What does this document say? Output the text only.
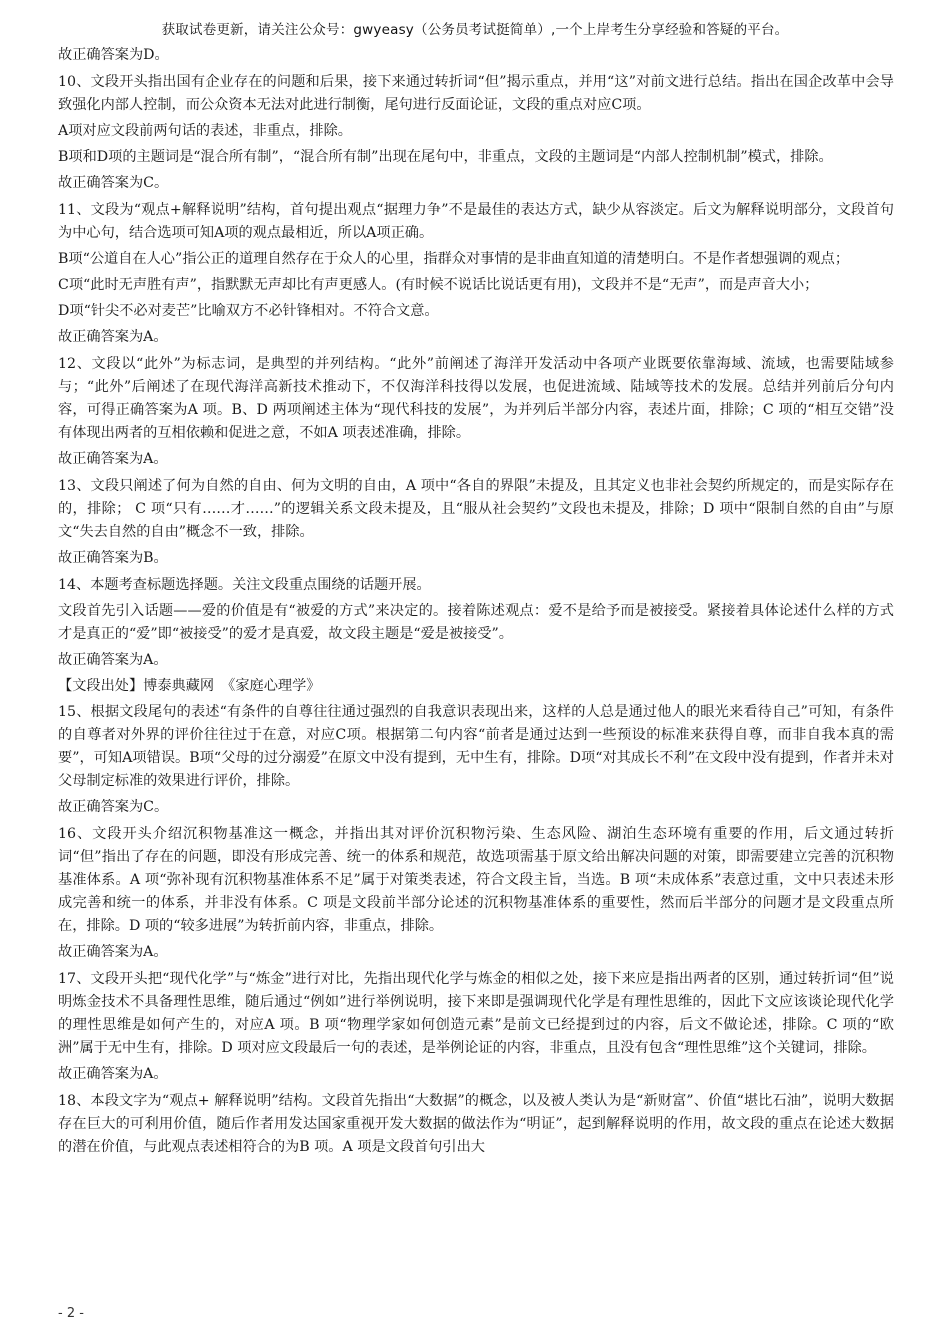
获取试卷更新，请关注公众号：gwyeasy（公务员考试挺简单）,一个上岸考生分享经验和答疑的平台。

故正确答案为D。

10、文段开头指出国有企业存在的问题和后果，接下来通过转折词“但”揭示重点，并用“这”对前文进行总结。指出在国企改革中会导致强化内部人控制，而公众资本无法对此进行制衡，尾句进行反面论证，文段的重点对应C项。

A项对应文段前两句话的表述，非重点，排除。

B项和D项的主题词是“混合所有制”，“混合所有制”出现在尾句中，非重点，文段的主题词是“内部人控制机制”模式，排除。

故正确答案为C。

11、文段为“观点+解释说明”结构，首句提出观点“据理力争”不是最佳的表达方式，缺少从容淡定。后文为解释说明部分，文段首句为中心句，结合选项可知A项的观点最相近，所以A项正确。

B项“公道自在人心”指公正的道理自然存在于众人的心里，指群众对事情的是非曲直知道的清楚明白。不是作者想强调的观点；

C项“此时无声胜有声”，指默默无声却比有声更感人。(有时候不说话比说话更有用)，文段并不是“无声”，而是声音大小；

D项“针尖不必对麦芒”比喻双方不必针锋相对。不符合文意。

故正确答案为A。

12、文段以“此外”为标志词，是典型的并列结构。“此外”前阐述了海洋开发活动中各项产业既要依靠海域、流域，也需要陆域参与；“此外”后阐述了在现代海洋高新技术推动下，不仅海洋科技得以发展，也促进流域、陆域等技术的发展。总结并列前后分句内容，可得正确答案为A 项。B、D 两项阐述主体为“现代科技的发展”，为并列后半部分内容，表述片面，排除；C 项的“相互交错”没有体现出两者的互相依赖和促进之意，不如A 项表述准确，排除。

故正确答案为A。

13、文段只阐述了何为自然的自由、何为文明的自由，A 项中“各自的界限”未提及，且其定义也非社会契约所规定的，而是实际存在的，排除； C 项“只有……才……”的逻辑关系文段未提及，且“服从社会契约”文段也未提及，排除；D 项中“限制自然的自由”与原文“失去自然的自由”概念不一致，排除。

故正确答案为B。

14、本题考查标题选择题。关注文段重点围绕的话题开展。

文段首先引入话题——爱的价值是有“被爱的方式”来决定的。接着陈述观点：爱不是给予而是被接受。紧接着具体论述什么样的方式才是真正的“爱”即“被接受”的爱才是真爱，故文段主题是“爱是被接受”。

故正确答案为A。

【文段出处】博泰典藏网　《家庭心理学》

15、根据文段尾句的表述“有条件的自尊往往通过强烈的自我意识表现出来，这样的人总是通过他人的眼光来看待自己”可知，有条件的自尊者对外界的评价往往过于在意，对应C项。根据第二句内容“前者是通过达到一些预设的标准来获得自尊，而非自我本真的需要”，可知A项错误。B项“父母的过分溺爱”在原文中没有提到，无中生有，排除。D项“对其成长不利”在文段中没有提到，作者并未对父母制定标准的效果进行评价，排除。

故正确答案为C。

16、文段开头介绍沉积物基准这一概念，并指出其对评价沉积物污染、生态风险、湖泊生态环境有重要的作用，后文通过转折词“但”指出了存在的问题，即没有形成完善、统一的体系和规范，故选项需基于原文给出解决问题的对策，即需要建立完善的沉积物基准体系。A 项“弥补现有沉积物基准体系不足”属于对策类表述，符合文段主旨，当选。B 项“未成体系”表意过重，文中只表述未形成完善和统一的体系，并非没有体系。C 项是文段前半部分论述的沉积物基准体系的重要性，然而后半部分的问题才是文段重点所在，排除。D 项的“较多进展”为转折前内容，非重点，排除。

故正确答案为A。

17、文段开头把“现代化学”与“炼金”进行对比，先指出现代化学与炼金的相似之处，接下来应是指出两者的区别，通过转折词“但”说明炼金技术不具备理性思维，随后通过“例如”进行举例说明，接下来即是强调现代化学是有理性思维的，因此下文应该谈论现代化学的理性思维是如何产生的，对应A 项。B 项“物理学家如何创造元素”是前文已经提到过的内容，后文不做论述，排除。C 项的“欧洲”属于无中生有，排除。D 项对应文段最后一句的表述，是举例论证的内容，非重点，且没有包含“理性思维”这个关键词，排除。

故正确答案为A。

18、本段文字为“观点+ 解释说明”结构。文段首先指出“大数据”的概念，以及被人类认为是“新财富”、价值“堪比石油”，说明大数据存在巨大的可利用价值，随后作者用发达国家重视开发大数据的做法作为“明证”，起到解释说明的作用，故文段的重点在论述大数据的潜在价值，与此观点表述相符合的为B 项。A 项是文段首句引出大

- 2 -
